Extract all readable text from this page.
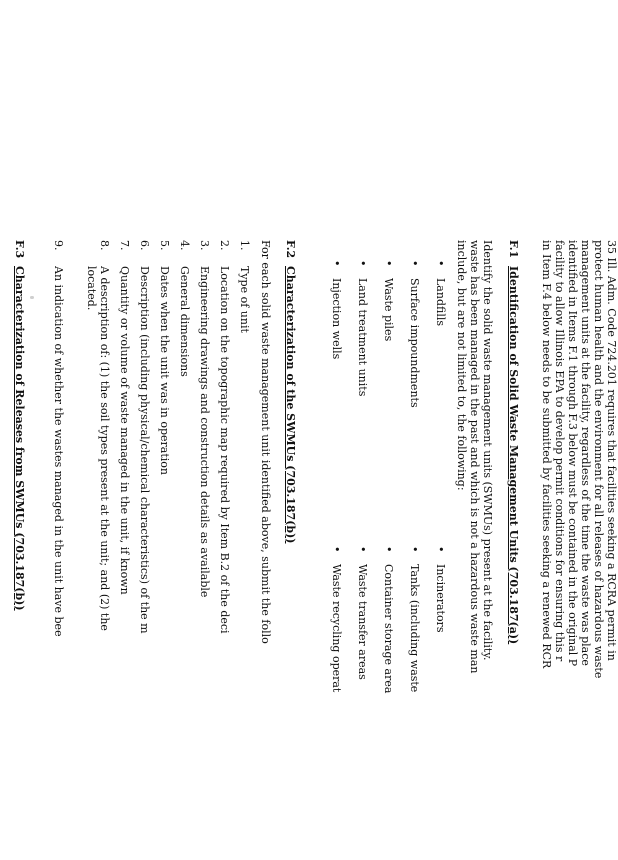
35 Ill. Adm. Code 724.201 requires that facilities seeking a RCRA permit in
protect human health and the environment for all releases of hazardous waste
management units at the facility, regardless of the time the waste was place
identified in Items F.1 through F.3 below must be contained in the original P
facility to allow Illinois EPA to develop permit conditions for ensuring this r
in Item F.4 below needs to be submitted by facilities seeking a renewed RCR
F.1Identification of Solid Waste Management Units (703.187(a))
Identify the solid waste management units (SWMUs) present at the facility.
waste has been managed in the past and which is not a hazardous waste man
include, but are not limited to, the following:
•Landfills
•Incinerators
•Surface impoundments
•Tanks (including waste
•Waste piles
•Container storage area
•Land treatment units
•Waste transfer areas
•Injection wells
•Waste recycling operat
F.2Characterization of the SWMUs (703.187(b))
For each solid waste management unit identified above, submit the follo
1.
Type of unit
2.
Location on the topographic map required by Item B.2 of the deci
3.
Engineering drawings and construction details as available
4.
General dimensions
5.
Dates when the unit was in operation
6.
Description (including physical/chemical characteristics) of the m
7.
Quantity or volume of waste managed in the unit, if known
8.
A description of: (1) the soil types present at the unit; and (2) the
located.
9.
An indication of whether the wastes managed in the unit have bee
F.3Characterization of Releases from SWMUs (703.187(b))
